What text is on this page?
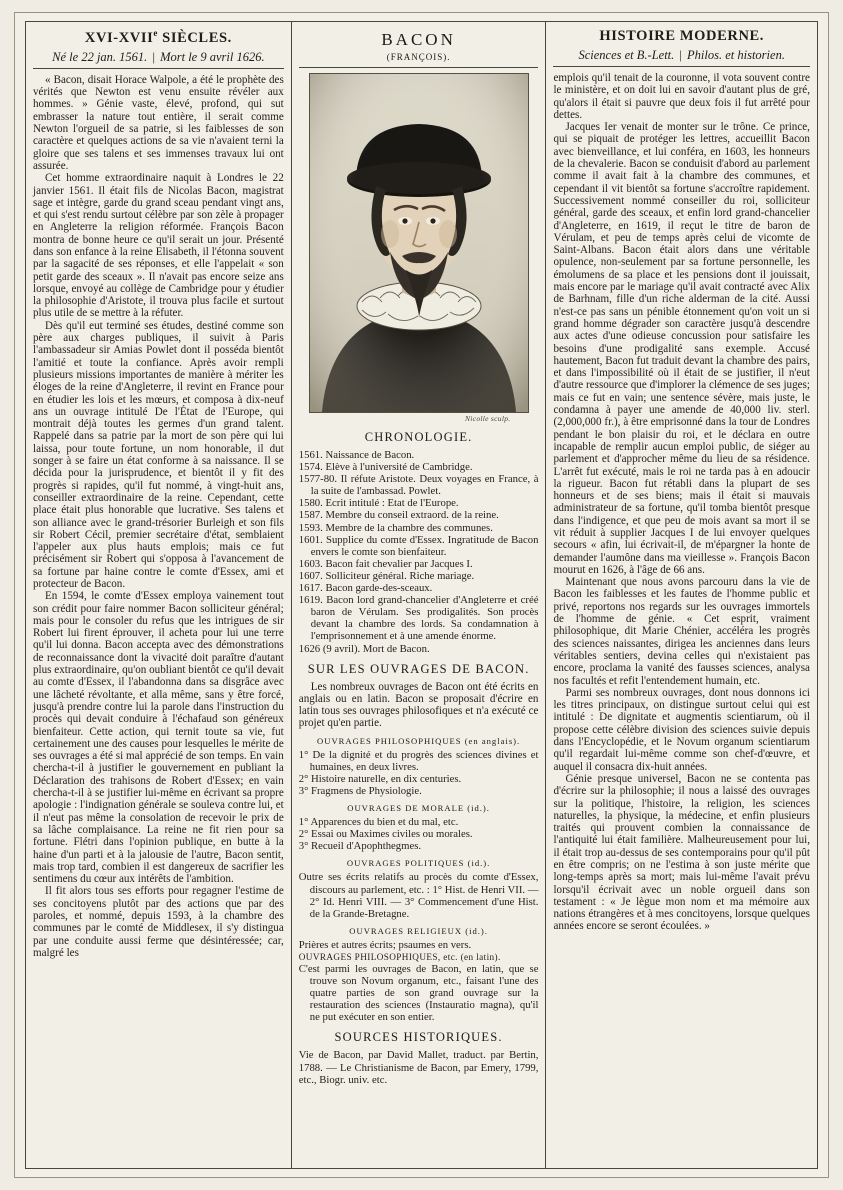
XVI-XVIIe SIÈCLES.
Né le 22 jan. 1561. | Mort le 9 avril 1626.

« Bacon, disait Horace Walpole, a été le prophète des vérités que Newton est venu ensuite révéler aux hommes. » Génie vaste, élevé, profond, qui sut embrasser la nature tout entière, il serait comme Newton l'orgueil de sa patrie, si les faiblesses de son caractère et quelques actions de sa vie n'avaient terni la gloire que ses talens et ses immenses travaux lui ont assurée.

Cet homme extraordinaire naquit à Londres le 22 janvier 1561. Il était fils de Nicolas Bacon, magistrat sage et intègre, garde du grand sceau pendant vingt ans, et qui s'est rendu surtout célèbre par son zèle à propager en Angleterre la religion réformée. François Bacon montra de bonne heure ce qu'il serait un jour. Présenté dans son enfance à la reine Elisabeth, il l'étonna souvent par la sagacité de ses réponses, et elle l'appelait « son petit garde des sceaux ». Il n'avait pas encore seize ans lorsque, envoyé au collège de Cambridge pour y étudier la philosophie d'Aristote, il trouva plus facile et surtout plus utile de se mettre à la réfuter.

Dès qu'il eut terminé ses études, destiné comme son père aux charges publiques, il suivit à Paris l'ambassadeur sir Amias Powlet dont il posséda bientôt l'amitié et toute la confiance. Après avoir rempli plusieurs missions importantes de manière à mériter les éloges de la reine d'Angleterre, il revint en France pour en étudier les lois et les mœurs, et composa à dix-neuf ans un ouvrage intitulé De l'État de l'Europe, qui montrait déjà toutes les germes d'un grand talent. Rappelé dans sa patrie par la mort de son père qui lui laissa, pour toute fortune, un nom honorable, il dut songer à se faire un état conforme à sa naissance. Il se décida pour la jurisprudence, et bientôt il y fit des progrès si rapides, qu'il fut nommé, à vingt-huit ans, conseiller extraordinaire de la reine. Cependant, cette place était plus honorable que lucrative. Ses talens et son alliance avec le grand-trésorier Burleigh et son fils sir Robert Cécil, premier secrétaire d'état, semblaient l'appeler aux plus hauts emplois; mais ce fut précisément sir Robert qui s'opposa à l'avancement de sa fortune par haine contre le comte d'Essex, ami et protecteur de Bacon.

En 1594, le comte d'Essex employa vainement tout son crédit pour faire nommer Bacon solliciteur général; mais pour le consoler du refus que les intrigues de sir Robert lui firent éprouver, il acheta pour lui une terre qu'il lui donna. Bacon accepta avec des démonstrations de reconnaissance dont la vivacité doit paraître d'autant plus extraordinaire, qu'on oubliant bientôt ce qu'il devait au comte d'Essex, il l'abandonna dans sa disgrâce avec une lâcheté révoltante, et alla même, sans y être forcé, jusqu'à prendre contre lui la parole dans l'instruction du procès qui devait conduire à l'échafaud son généreux bienfaiteur. Cette action, qui ternit toute sa vie, fut certainement une des causes pour lesquelles le mérite de ses ouvrages a été si mal apprécié de son temps. En vain chercha-t-il à justifier le gouvernement en publiant la Déclaration des trahisons de Robert d'Essex; en vain chercha-t-il à se justifier lui-même en écrivant sa propre apologie : l'indignation générale se souleva contre lui, et il n'eut pas même la consolation de recevoir le prix de sa lâche complaisance. La reine ne fit rien pour sa fortune. Flétri dans l'opinion publique, en butte à la haine d'un parti et à la jalousie de l'autre, Bacon sentit, mais trop tard, combien il est dangereux de sacrifier les sentimens du cœur aux intérêts de l'ambition.

Il fit alors tous ses efforts pour regagner l'estime de ses concitoyens plutôt par des actions que par des paroles, et nommé, depuis 1593, à la chambre des communes par le comté de Middlesex, il s'y distingua par une conduite aussi ferme que désintéressée; car, malgré les

BACON
(FRANÇOIS).
Nicolle sculp.
CHRONOLOGIE.

1561. Naissance de Bacon.

1574. Elève à l'université de Cambridge.

1577-80. Il réfute Aristote. Deux voyages en France, à la suite de l'ambassad. Powlet.

1580. Ecrit intitulé : Etat de l'Europe.

1587. Membre du conseil extraord. de la reine.

1593. Membre de la chambre des communes.

1601. Supplice du comte d'Essex. Ingratitude de Bacon envers le comte son bienfaiteur.

1603. Bacon fait chevalier par Jacques I.

1607. Solliciteur général. Riche mariage.

1617. Bacon garde-des-sceaux.

1619. Bacon lord grand-chancelier d'Angleterre et créé baron de Vérulam. Ses prodigalités. Son procès devant la chambre des lords. Sa condamnation à l'emprisonnement et à une amende énorme.

1626 (9 avril). Mort de Bacon.

SUR LES OUVRAGES DE BACON.

Les nombreux ouvrages de Bacon ont été écrits en anglais ou en latin. Bacon se proposait d'écrire en latin tous ses ouvrages philosofiques et n'a exécuté ce projet qu'en partie.

OUVRAGES PHILOSOPHIQUES (en anglais).

1° De la dignité et du progrès des sciences divines et humaines, en deux livres.

2° Histoire naturelle, en dix centuries.

3° Fragmens de Physiologie.

OUVRAGES DE MORALE (id.).

1° Apparences du bien et du mal, etc.

2° Essai ou Maximes civiles ou morales.

3° Recueil d'Apophthegmes.

OUVRAGES POLITIQUES (id.).

Outre ses écrits relatifs au procès du comte d'Essex, discours au parlement, etc. : 1° Hist. de Henri VII. — 2° Id. Henri VIII. — 3° Commencement d'une Hist. de la Grande-Bretagne.

OUVRAGES RELIGIEUX (id.).

Prières et autres écrits; psaumes en vers.

OUVRAGES PHILOSOPHIQUES, etc. (en latin).

C'est parmi les ouvrages de Bacon, en latin, que se trouve son Novum organum, etc., faisant l'une des quatre parties de son grand ouvrage sur la restauration des sciences (Instauratio magna), qu'il ne put exécuter en son entier.

SOURCES HISTORIQUES.

Vie de Bacon, par David Mallet, traduct. par Bertin, 1788. — Le Christianisme de Bacon, par Emery, 1799, etc., Biogr. univ. etc.

HISTOIRE MODERNE.
Sciences et B.-Lett. | Philos. et historien.

emplois qu'il tenait de la couronne, il vota souvent contre le ministère, et on doit lui en savoir d'autant plus de gré, qu'alors il était si pauvre que deux fois il fut arrêté pour dettes.

Jacques Ier venait de monter sur le trône. Ce prince, qui se piquait de protéger les lettres, accueillit Bacon avec bienveillance, et lui conféra, en 1603, les honneurs de la chevalerie. Bacon se conduisit d'abord au parlement comme il avait fait à la chambre des communes, et cependant il vit bientôt sa fortune s'accroître rapidement. Successivement nommé conseiller du roi, solliciteur général, garde des sceaux, et enfin lord grand-chancelier d'Angleterre, en 1619, il reçut le titre de baron de Vérulam, et peu de temps après celui de vicomte de Saint-Albans. Bacon était alors dans une véritable opulence, non-seulement par sa fortune personnelle, les émolumens de sa place et les pensions dont il jouissait, mais encore par le mariage qu'il avait contracté avec Alix de Barhnam, fille d'un riche alderman de la cité. Aussi n'est-ce pas sans un pénible étonnement qu'on voit un si grand homme dégrader son caractère jusqu'à descendre aux actes d'une odieuse concussion pour satisfaire les besoins d'une prodigalité sans exemple. Accusé hautement, Bacon fut traduit devant la chambre des pairs, et dans l'impossibilité où il était de se justifier, il n'eut d'autre ressource que d'implorer la clémence de ses juges; mais ce fut en vain; une sentence sévère, mais juste, le condamna à payer une amende de 40,000 liv. sterl. (2,000,000 fr.), à être emprisonné dans la tour de Londres pendant le bon plaisir du roi, et le déclara en outre incapable de remplir aucun emploi public, de siéger au parlement et d'approcher même du lieu de sa résidence. L'arrêt fut exécuté, mais le roi ne tarda pas à en adoucir la rigueur. Bacon fut rétabli dans la plupart de ses honneurs et de ses biens; mais il était si mauvais administrateur de sa fortune, qu'il tomba bientôt presque dans l'indigence, et que peu de mois avant sa mort il se vit réduit à supplier Jacques I de lui envoyer quelques secours « afin, lui écrivait-il, de m'épargner la honte de demander l'aumône dans ma vieillesse ». François Bacon mourut en 1626, à l'âge de 66 ans.

Maintenant que nous avons parcouru dans la vie de Bacon les faiblesses et les fautes de l'homme public et privé, reportons nos regards sur les ouvrages immortels de l'homme de génie. « Cet esprit, vraiment philosophique, dit Marie Chénier, accéléra les progrès des sciences naissantes, dirigea les anciennes dans leurs véritables sentiers, devina celles qui n'existaient pas encore, proclama la vanité des fausses sciences, analysa nos facultés et refit l'entendement humain, etc.

Parmi ses nombreux ouvrages, dont nous donnons ici les titres principaux, on distingue surtout celui qui est intitulé : De dignitate et augmentis scientiarum, où il propose cette célèbre division des sciences suivie depuis dans l'Encyclopédie, et le Novum organum scientiarum qu'il regardait lui-même comme son chef-d'œuvre, et auquel il consacra dix-huit années.

Génie presque universel, Bacon ne se contenta pas d'écrire sur la philosophie; il nous a laissé des ouvrages sur la politique, l'histoire, la religion, les sciences naturelles, la physique, la médecine, et enfin plusieurs traités qui prouvent combien la connaissance de l'antiquité lui était familière. Malheureusement pour lui, il était trop au-dessus de ses contemporains pour qu'il pût en être compris; on ne l'estima à son juste mérite que long-temps après sa mort; mais lui-même l'avait prévu lorsqu'il écrivait avec un noble orgueil dans son testament : « Je lègue mon nom et ma mémoire aux nations étrangères et à mes concitoyens, lorsque quelques années encore se seront écoulées. »
